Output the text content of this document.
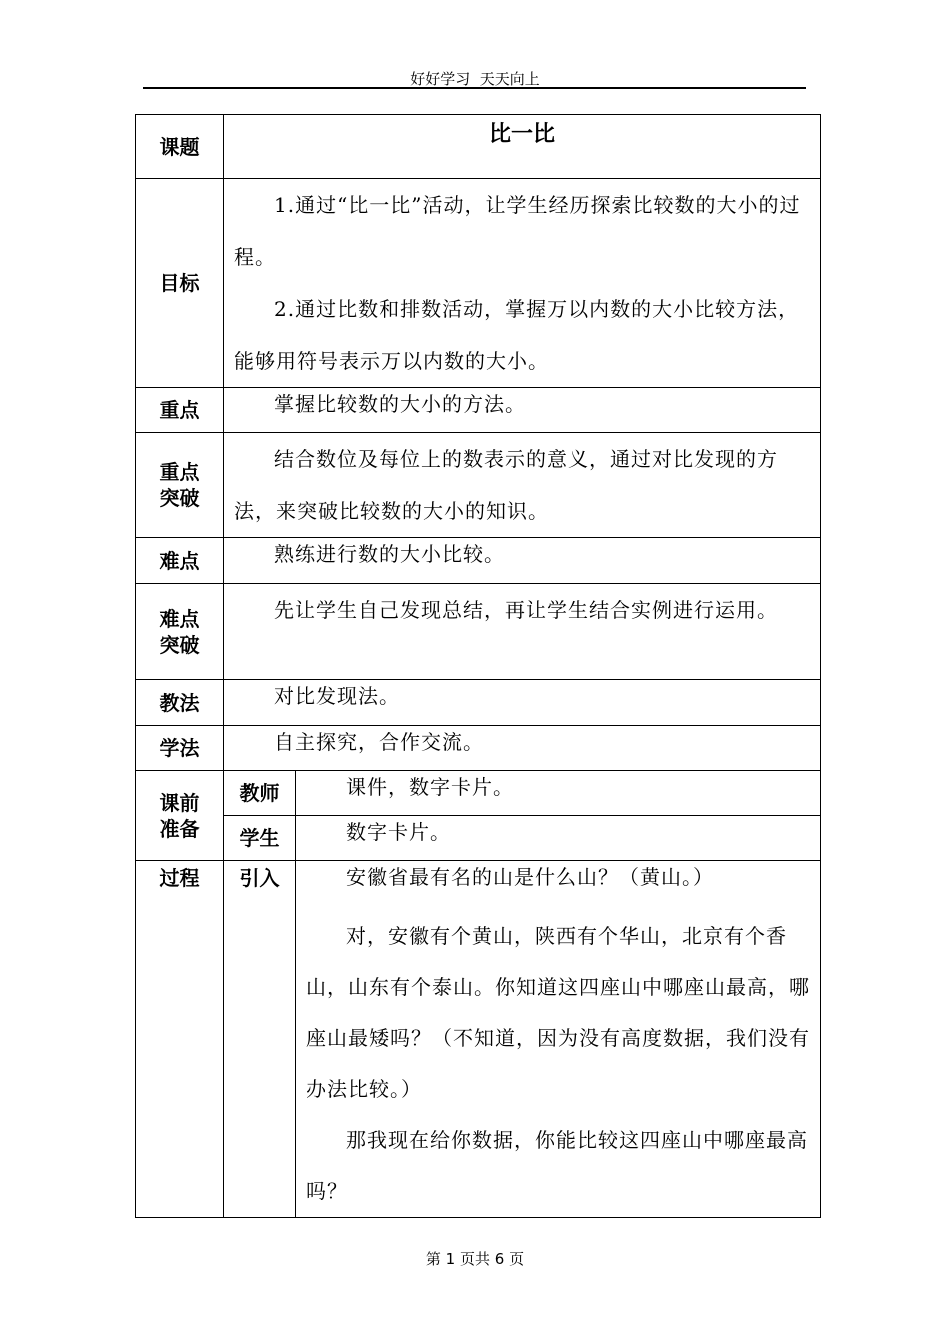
好好学习  天天向上
课题	比一比	
目标	1.通过“比一比”活动，让学生经历探索比较数的大小的过程。

2.通过比数和排数活动，掌握万以内数的大小比较方法，能够用符号表示万以内数的大小。	

重点	掌握比较数的大小的方法。	

重点
突破	结合数位及每位上的数表示的意义，通过对比发现的方法，来突破比较数的大小的知识。	

难点	熟练进行数的大小比较。	

难点
突破	先让学生自己发现总结，再让学生结合实例进行运用。	

教法	对比发现法。	

学法	自主探究，合作交流。	

课前
准备	教师	课件，数字卡片。

	学生	数字卡片。

过程	引入	安徽省最有名的山是什么山？（黄山。）

对，安徽有个黄山，陕西有个华山，北京有个香山，山东有个泰山。你知道这四座山中哪座山最高，哪座山最矮吗？（不知道，因为没有高度数据，我们没有办法比较。）

那我现在给你数据，你能比较这四座山中哪座最高吗？

第 1 页共 6 页
